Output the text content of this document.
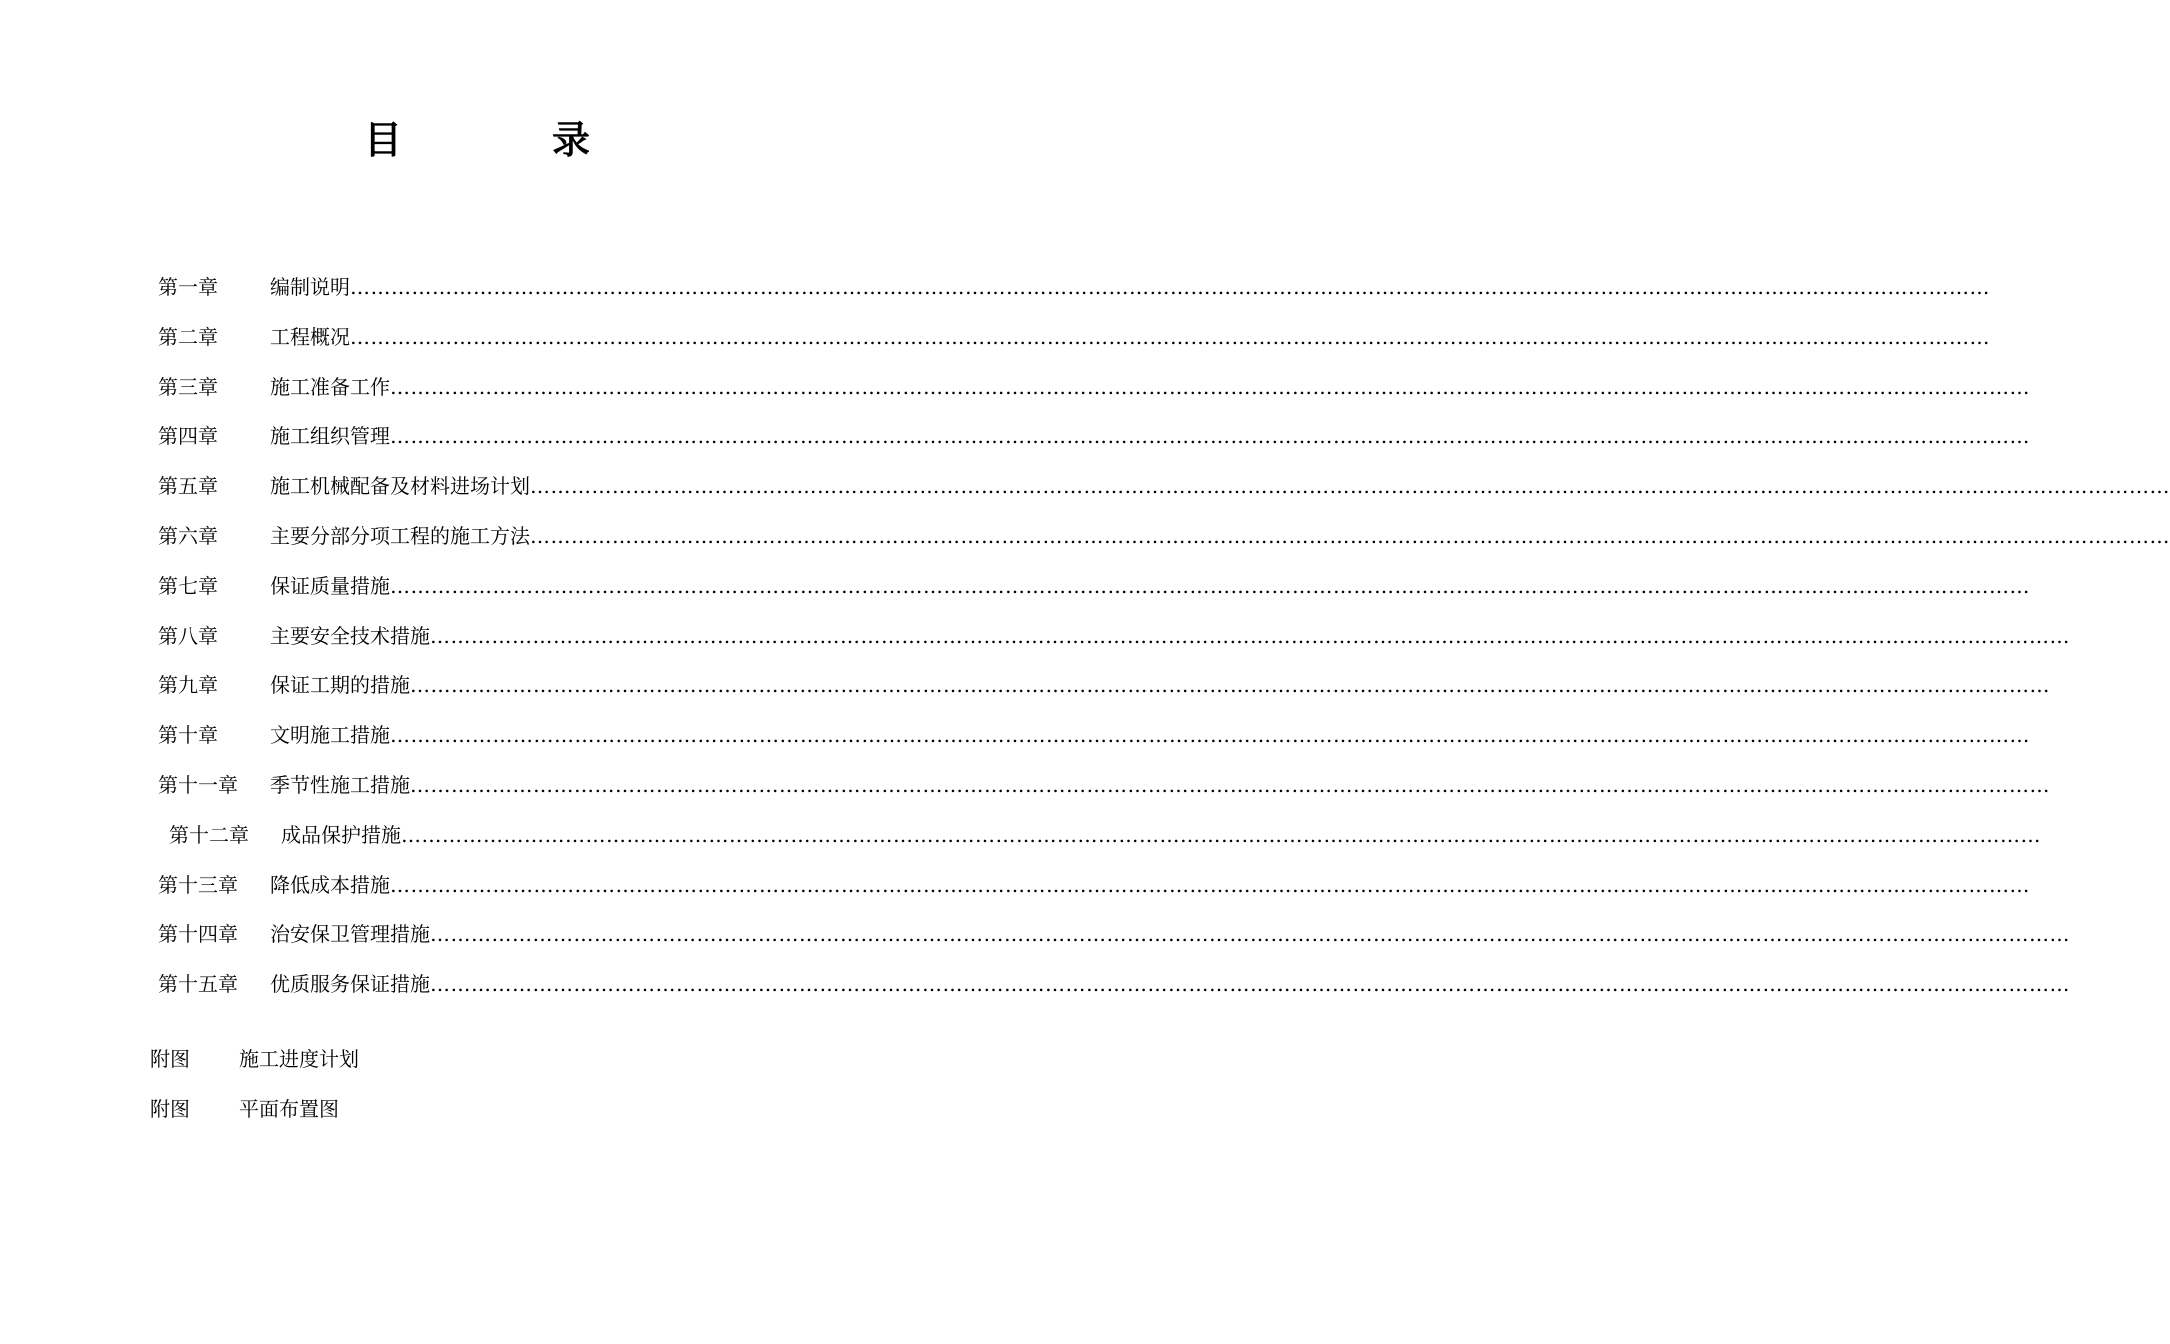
目	录
第一章	编制说明 ……………………………………………………………………………………………………………………………………………………………………………………………………………………
第二章	工程概况 ……………………………………………………………………………………………………………………………………………………………………………………………………………………
第三章	施工准备工作 ……………………………………………………………………………………………………………………………………………………………………………………………………………………
第四章	施工组织管理 ……………………………………………………………………………………………………………………………………………………………………………………………………………………
第五章	施工机械配备及材料进场计划 ……………………………………………………………………………………………………………………………………………………………………………………………………………………
第六章	主要分部分项工程的施工方法 ……………………………………………………………………………………………………………………………………………………………………………………………………………………
第七章	保证质量措施 ……………………………………………………………………………………………………………………………………………………………………………………………………………………
第八章	主要安全技术措施 ……………………………………………………………………………………………………………………………………………………………………………………………………………………
第九章	保证工期的措施 ……………………………………………………………………………………………………………………………………………………………………………………………………………………
第十章	文明施工措施 ……………………………………………………………………………………………………………………………………………………………………………………………………………………
第十一章 季节性施工措施 ……………………………………………………………………………………………………………………………………………………………………………………………………………………
第十二章 成品保护措施 ……………………………………………………………………………………………………………………………………………………………………………………………………………………
第十三章 降低成本措施 ……………………………………………………………………………………………………………………………………………………………………………………………………………………
第十四章 治安保卫管理措施 ……………………………………………………………………………………………………………………………………………………………………………………………………………………
第十五章 优质服务保证措施 ……………………………………………………………………………………………………………………………………………………………………………………………………………………
附图 施工进度计划
附图 平面布置图
